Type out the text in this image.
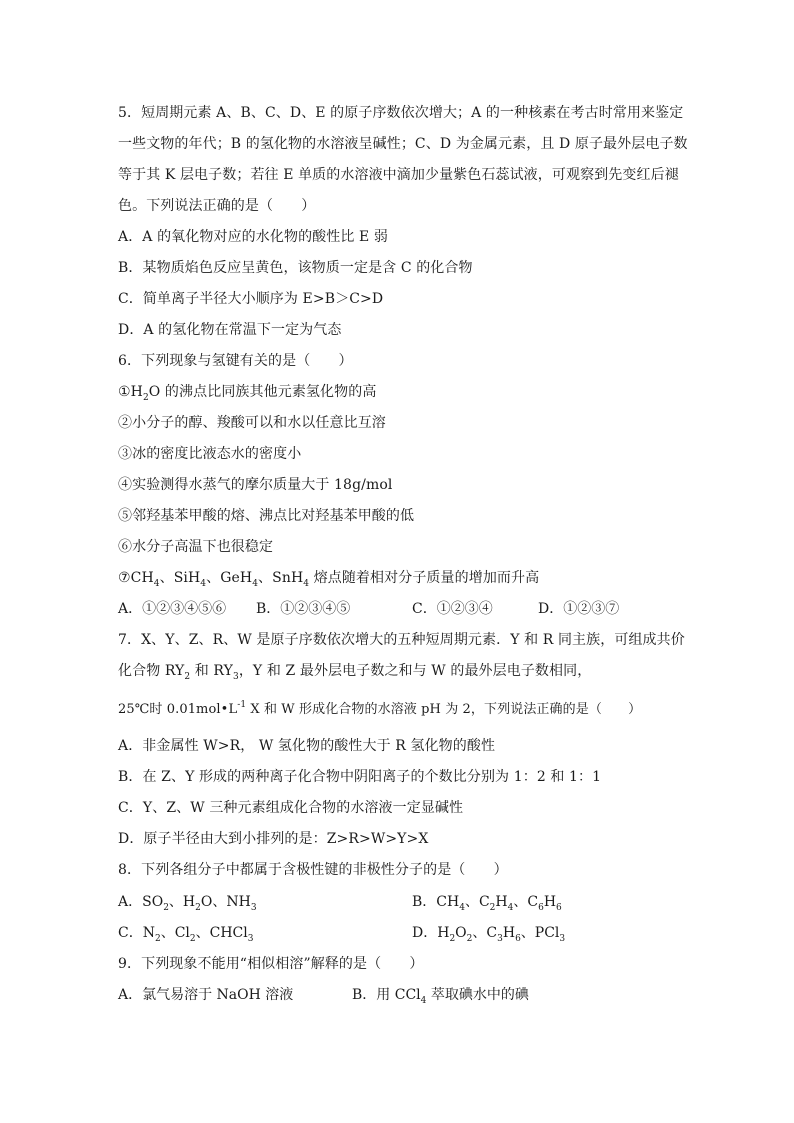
5．短周期元素 A、B、C、D、E 的原子序数依次增大；A 的一种核素在考古时常用来鉴定
一些文物的年代；B 的氢化物的水溶液呈碱性；C、D 为金属元素，且 D 原子最外层电子数
等于其 K 层电子数；若往 E 单质的水溶液中滴加少量紫色石蕊试液，可观察到先变红后褪
色。下列说法正确的是（　　）
A．A 的氧化物对应的水化物的酸性比 E 弱
B．某物质焰色反应呈黄色，该物质一定是含 C 的化合物
C．简单离子半径大小顺序为 E>B＞C>D
D．A 的氢化物在常温下一定为气态
6．下列现象与氢键有关的是（　　）
$①H_2O$ 的沸点比同族其他元素氢化物的高
②小分子的醇、羧酸可以和水以任意比互溶
③冰的密度比液态水的密度小
④实验测得水蒸气的摩尔质量大于 18g/mol
⑤邻羟基苯甲酸的熔、沸点比对羟基苯甲酸的低
⑥水分子高温下也很稳定
$⑦CH_4$、SiH$_4$、GeH$_4$、SnH$_4$ 熔点随着相对分子质量的增加而升高
A．①②③④⑤⑥ B．①②③④⑤	C．①②③④	D．①②③⑦
7．X、Y、Z、R、W 是原子序数依次增大的五种短周期元素．Y 和 R 同主族，可组成共价
化合物 $RY_2$ 和 $RY_3$，Y 和 Z 最外层电子数之和与 W 的最外层电子数相同，
25℃时 $0.01mol•L^{-1}$ X 和 W 形成化合物的水溶液 pH 为 2，下列说法正确的是（　　）
A．非金属性 W>R， W 氢化物的酸性大于 R 氢化物的酸性
B．在 Z、Y 形成的两种离子化合物中阴阳离子的个数比分别为 1：2 和 1：1
C．Y、Z、W 三种元素组成化合物的水溶液一定显碱性
D．原子半径由大到小排列的是：Z>R>W>Y>X
8．下列各组分子中都属于含极性键的非极性分子的是（　　）
A．$SO_2$、$H_2O$、$NH_3$	B．$CH_4$、$C_2H_4$、$C_6H_6$
C．$N_2$、$Cl_2$、CHCl$_3$	D．$H_2O_2$、$C_3H_6$、PCl$_3$
9．下列现象不能用“相似相溶”解释的是（　　）
A．氯气易溶于 NaOH 溶液	B．用 CCl$_4$ 萃取碘水中的碘
